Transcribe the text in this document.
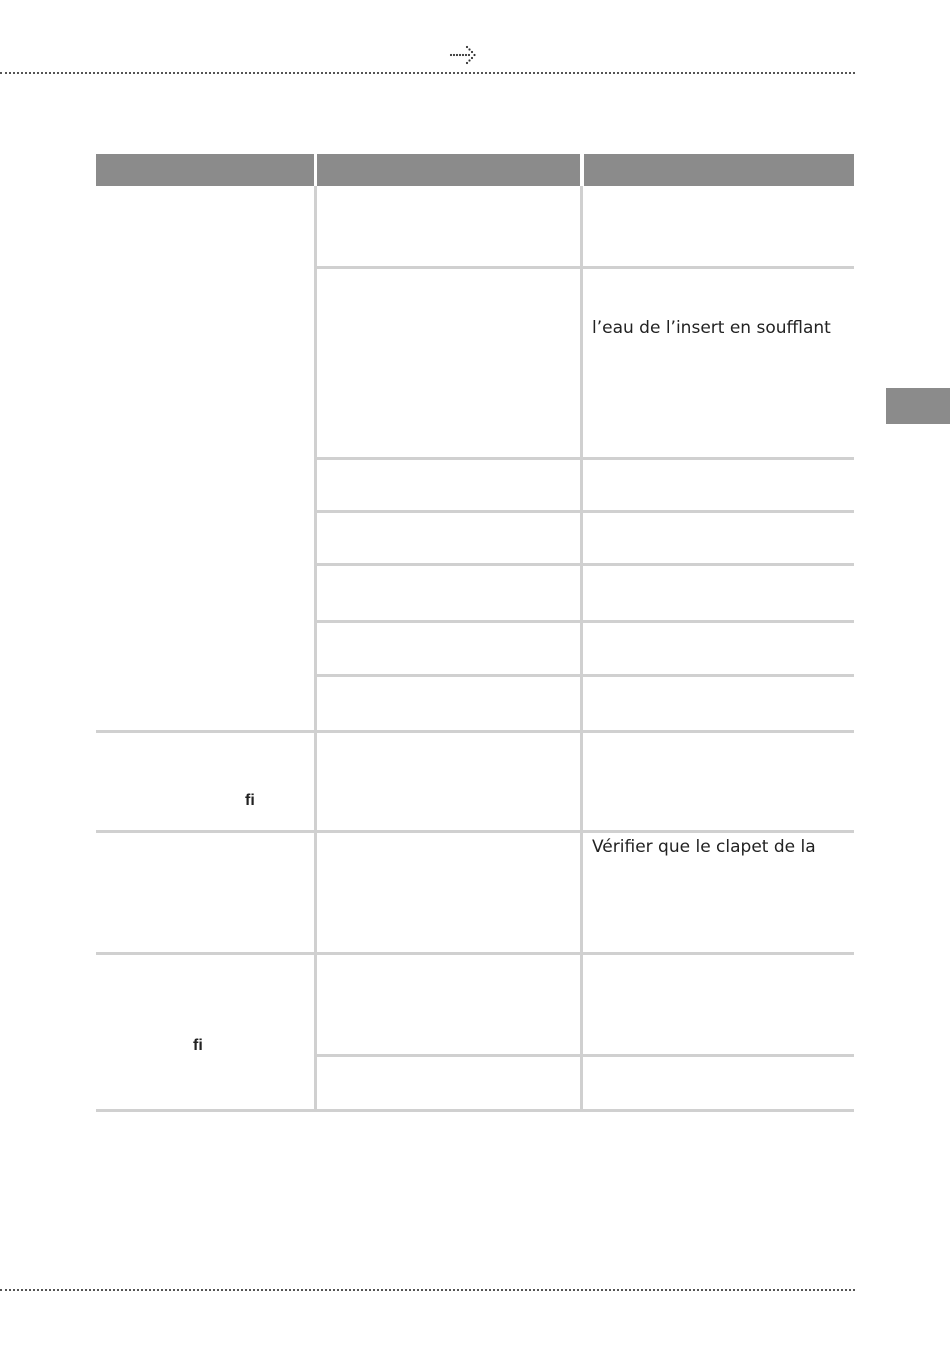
l’eau de l’insert en soufflant
fi
Vérifier que le clapet de la
fi
